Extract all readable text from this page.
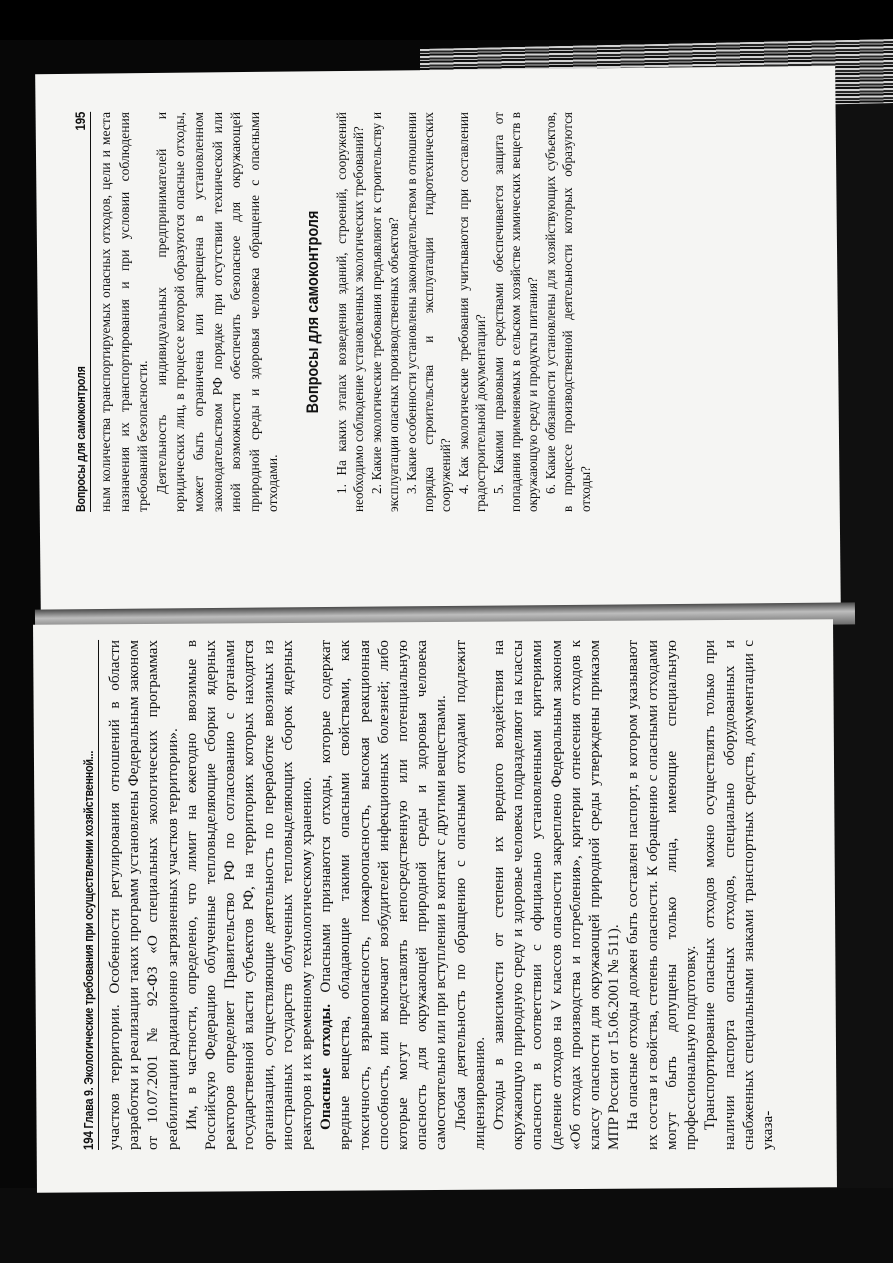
Вопросы для самоконтроля
195 ным количества транспортируемых опасных отходов, цели и места назначения их транспортирования и при условии соблюдения требований безопасности. Деятельность индивидуальных предпринимателей и юридических лиц, в процессе которой образуются опасные отходы, может быть ограничена или запрещена в установленном законодательством РФ порядке при отсутствии технической или иной возможности обеспечить безопасное для окружающей природной среды и здоровья человека обращение с опасными отходами.

Вопросы для самоконтроля 1. На каких этапах возведения зданий, строений, сооружений необходимо соблюдение установленных экологических требований? 2. Какие экологические требования предъявляют к строительству и эксплуатации опасных производственных объектов? 3. Какие особенности установлены законодательством в отношении порядка строительства и эксплуатации гидротехнических сооружений? 4. Как экологические требования учитываются при составлении градостроительной документации? 5. Какими правовыми средствами обеспечивается защита от попадания применяемых в сельском хозяйстве химических веществ в окружающую среду и продукты питания? 6. Какие обязанности установлены для хозяйствующих субъектов, в процессе производственной деятельности которых образуются отходы?

194 Глава 9. Экологические требования при осуществлении хозяйственной... участков территории. Особенности регулирования отношений в области разработки и реализации таких программ установлены Федеральным законом от 10.07.2001 № 92-ФЗ «О специальных экологических программах реабилитации радиационно загрязненных участков территории». Им, в частности, определено, что лимит на ежегодно ввозимые в Российскую Федерацию облученные тепловыделяющие сборки ядерных реакторов определяет Правительство РФ по согласованию с органами государственной власти субъектов РФ, на территориях которых находятся организации, осуществляющие деятельность по переработке ввозимых из иностранных государств облученных тепловыделяющих сборок ядерных реакторов и их временному технологическому хранению. Опасные отходы. Опасными признаются отходы, которые содержат вредные вещества, обладающие такими опасными свойствами, как токсичность, взрывоопасность, пожароопасность, высокая реакционная способность, или включают возбудителей инфекционных болезней; либо которые могут представлять непосредственную или потенциальную опасность для окружающей природной среды и здоровья человека самостоятельно или при вступлении в контакт с другими веществами. Любая деятельность по обращению с опасными отходами подлежит лицензированию. Отходы в зависимости от степени их вредного воздействия на окружающую природную среду и здоровье человека подразделяют на классы опасности в соответствии с официально установленными критериями (деление отходов на V классов опасности закреплено Федеральным законом «Об отходах производства и потребления», критерии отнесения отходов к классу опасности для окружающей природной среды утверждены приказом МПР России от 15.06.2001 № 511). На опасные отходы должен быть составлен паспорт, в котором указывают их состав и свойства, степень опасности. К обращению с опасными отходами могут быть допущены только лица, имеющие специальную профессиональную подготовку. Транспортирование опасных отходов можно осуществлять только при наличии паспорта опасных отходов, специально оборудованных и снабженных специальными знаками транспортных средств, документации с указа-
